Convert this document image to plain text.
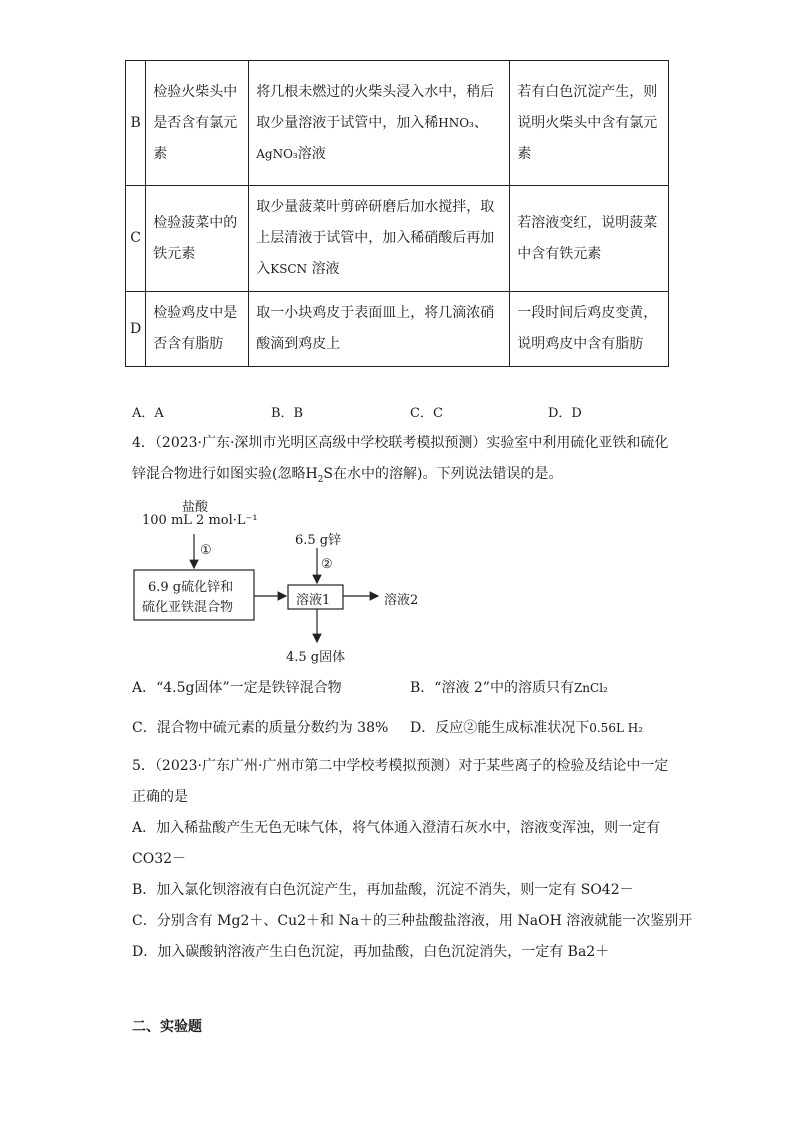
B	检验火柴头中是否含有氯元素	将几根未燃过的火柴头浸入水中，稍后取少量溶液于试管中，加入稀HNO₃、
AgNO₃溶液	若有白色沉淀产生，则说明火柴头中含有氯元素
C	检验菠菜中的铁元素	取少量菠菜叶剪碎研磨后加水搅拌，取上层清液于试管中，加入稀硝酸后再加入KSCN 溶液	若溶液变红，说明菠菜中含有铁元素
D	检验鸡皮中是否含有脂肪	取一小块鸡皮于表面皿上，将几滴浓硝酸滴到鸡皮上	一段时间后鸡皮变黄，说明鸡皮中含有脂肪
A．A	B．B	C．C	D．D
4．（2023·广东·深圳市光明区高级中学校联考模拟预测）实验室中利用硫化亚铁和硫化
锌混合物进行如图实验(忽略$H_2S$在水中的溶解)。下列说法错误的是。
盐酸
100 mL 2 mol·L⁻¹
①
6.9 g硫化锌和
硫化亚铁混合物
6.5 g锌
②
溶液1	溶液2
4.5 g固体
A．“4.5g固体”一定是铁锌混合物	B．“溶液 2”中的溶质只有ZnCl₂
C．混合物中硫元素的质量分数约为 38% D．反应②能生成标准状况下0.56L H₂
5．（2023·广东广州·广州市第二中学校考模拟预测）对于某些离子的检验及结论中一定
正确的是
A．加入稀盐酸产生无色无味气体，将气体通入澄清石灰水中，溶液变浑浊，则一定有
CO32－
B．加入氯化钡溶液有白色沉淀产生，再加盐酸，沉淀不消失，则一定有 SO42－
C．分别含有 Mg2＋、Cu2＋和 Na＋的三种盐酸盐溶液，用 NaOH 溶液就能一次鉴别开
D．加入碳酸钠溶液产生白色沉淀，再加盐酸，白色沉淀消失，一定有 Ba2＋
二、实验题
